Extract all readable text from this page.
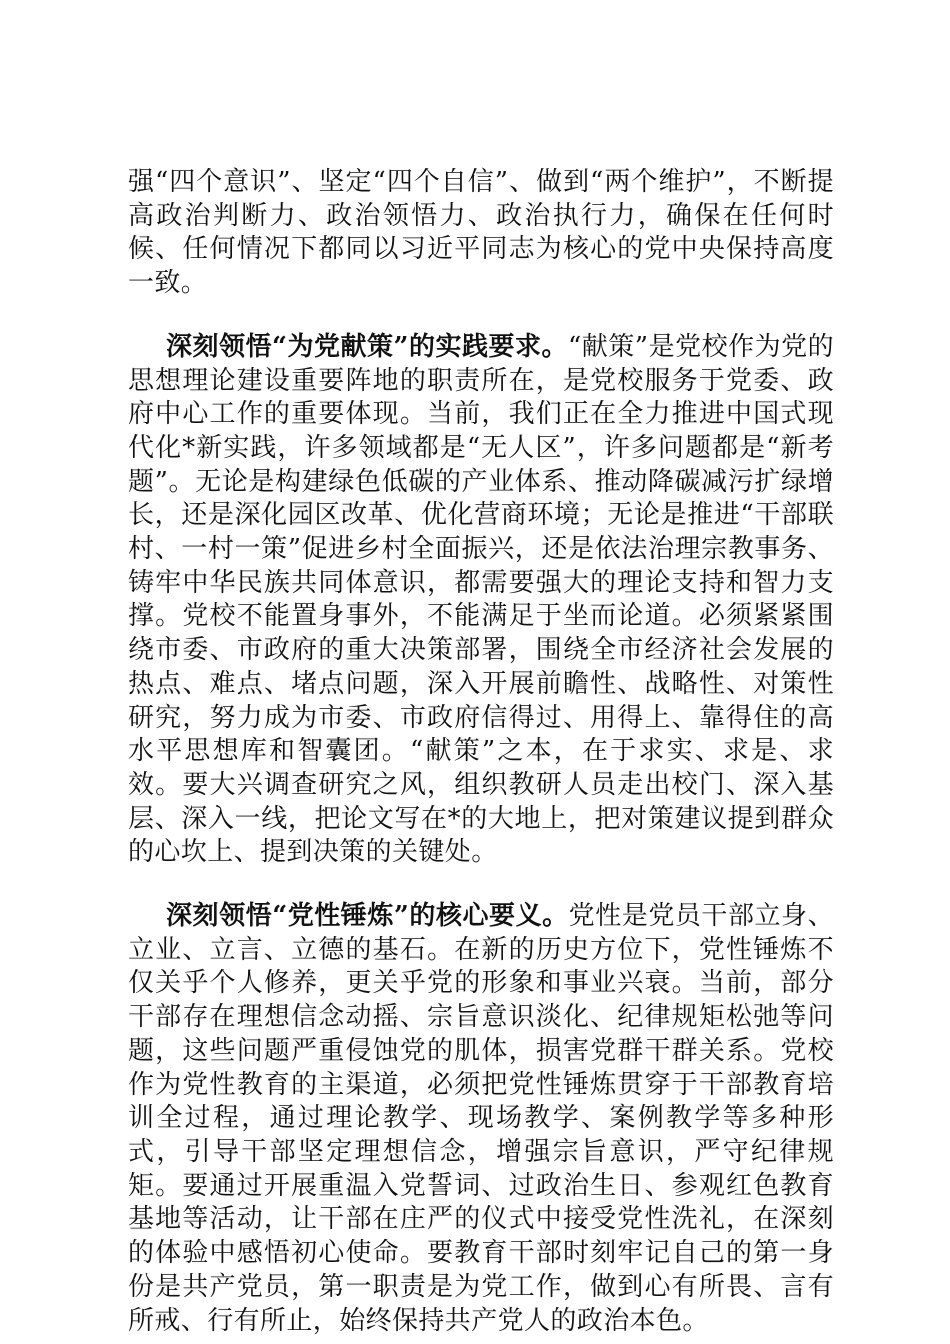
强“四个意识”、坚定“四个自信”、做到“两个维护”，不断提高政治判断力、政治领悟力、政治执行力，确保在任何时候、任何情况下都同以习近平同志为核心的党中央保持高度一致。

深刻领悟“为党献策”的实践要求。“献策”是党校作为党的思想理论建设重要阵地的职责所在，是党校服务于党委、政府中心工作的重要体现。当前，我们正在全力推进中国式现代化*新实践，许多领域都是“无人区”，许多问题都是“新考题”。无论是构建绿色低碳的产业体系、推动降碳减污扩绿增长，还是深化园区改革、优化营商环境；无论是推进“干部联村、一村一策”促进乡村全面振兴，还是依法治理宗教事务、铸牢中华民族共同体意识，都需要强大的理论支持和智力支撑。党校不能置身事外，不能满足于坐而论道。必须紧紧围绕市委、市政府的重大决策部署，围绕全市经济社会发展的热点、难点、堵点问题，深入开展前瞻性、战略性、对策性研究，努力成为市委、市政府信得过、用得上、靠得住的高水平思想库和智囊团。“献策”之本，在于求实、求是、求效。要大兴调查研究之风，组织教研人员走出校门、深入基层、深入一线，把论文写在*的大地上，把对策建议提到群众的心坎上、提到决策的关键处。

深刻领悟“党性锤炼”的核心要义。党性是党员干部立身、立业、立言、立德的基石。在新的历史方位下，党性锤炼不仅关乎个人修养，更关乎党的形象和事业兴衰。当前，部分干部存在理想信念动摇、宗旨意识淡化、纪律规矩松弛等问题，这些问题严重侵蚀党的肌体，损害党群干群关系。党校作为党性教育的主渠道，必须把党性锤炼贯穿于干部教育培训全过程，通过理论教学、现场教学、案例教学等多种形式，引导干部坚定理想信念，增强宗旨意识，严守纪律规矩。要通过开展重温入党誓词、过政治生日、参观红色教育基地等活动，让干部在庄严的仪式中接受党性洗礼，在深刻的体验中感悟初心使命。要教育干部时刻牢记自己的第一身份是共产党员，第一职责是为党工作，做到心有所畏、言有所戒、行有所止，始终保持共产党人的政治本色。
